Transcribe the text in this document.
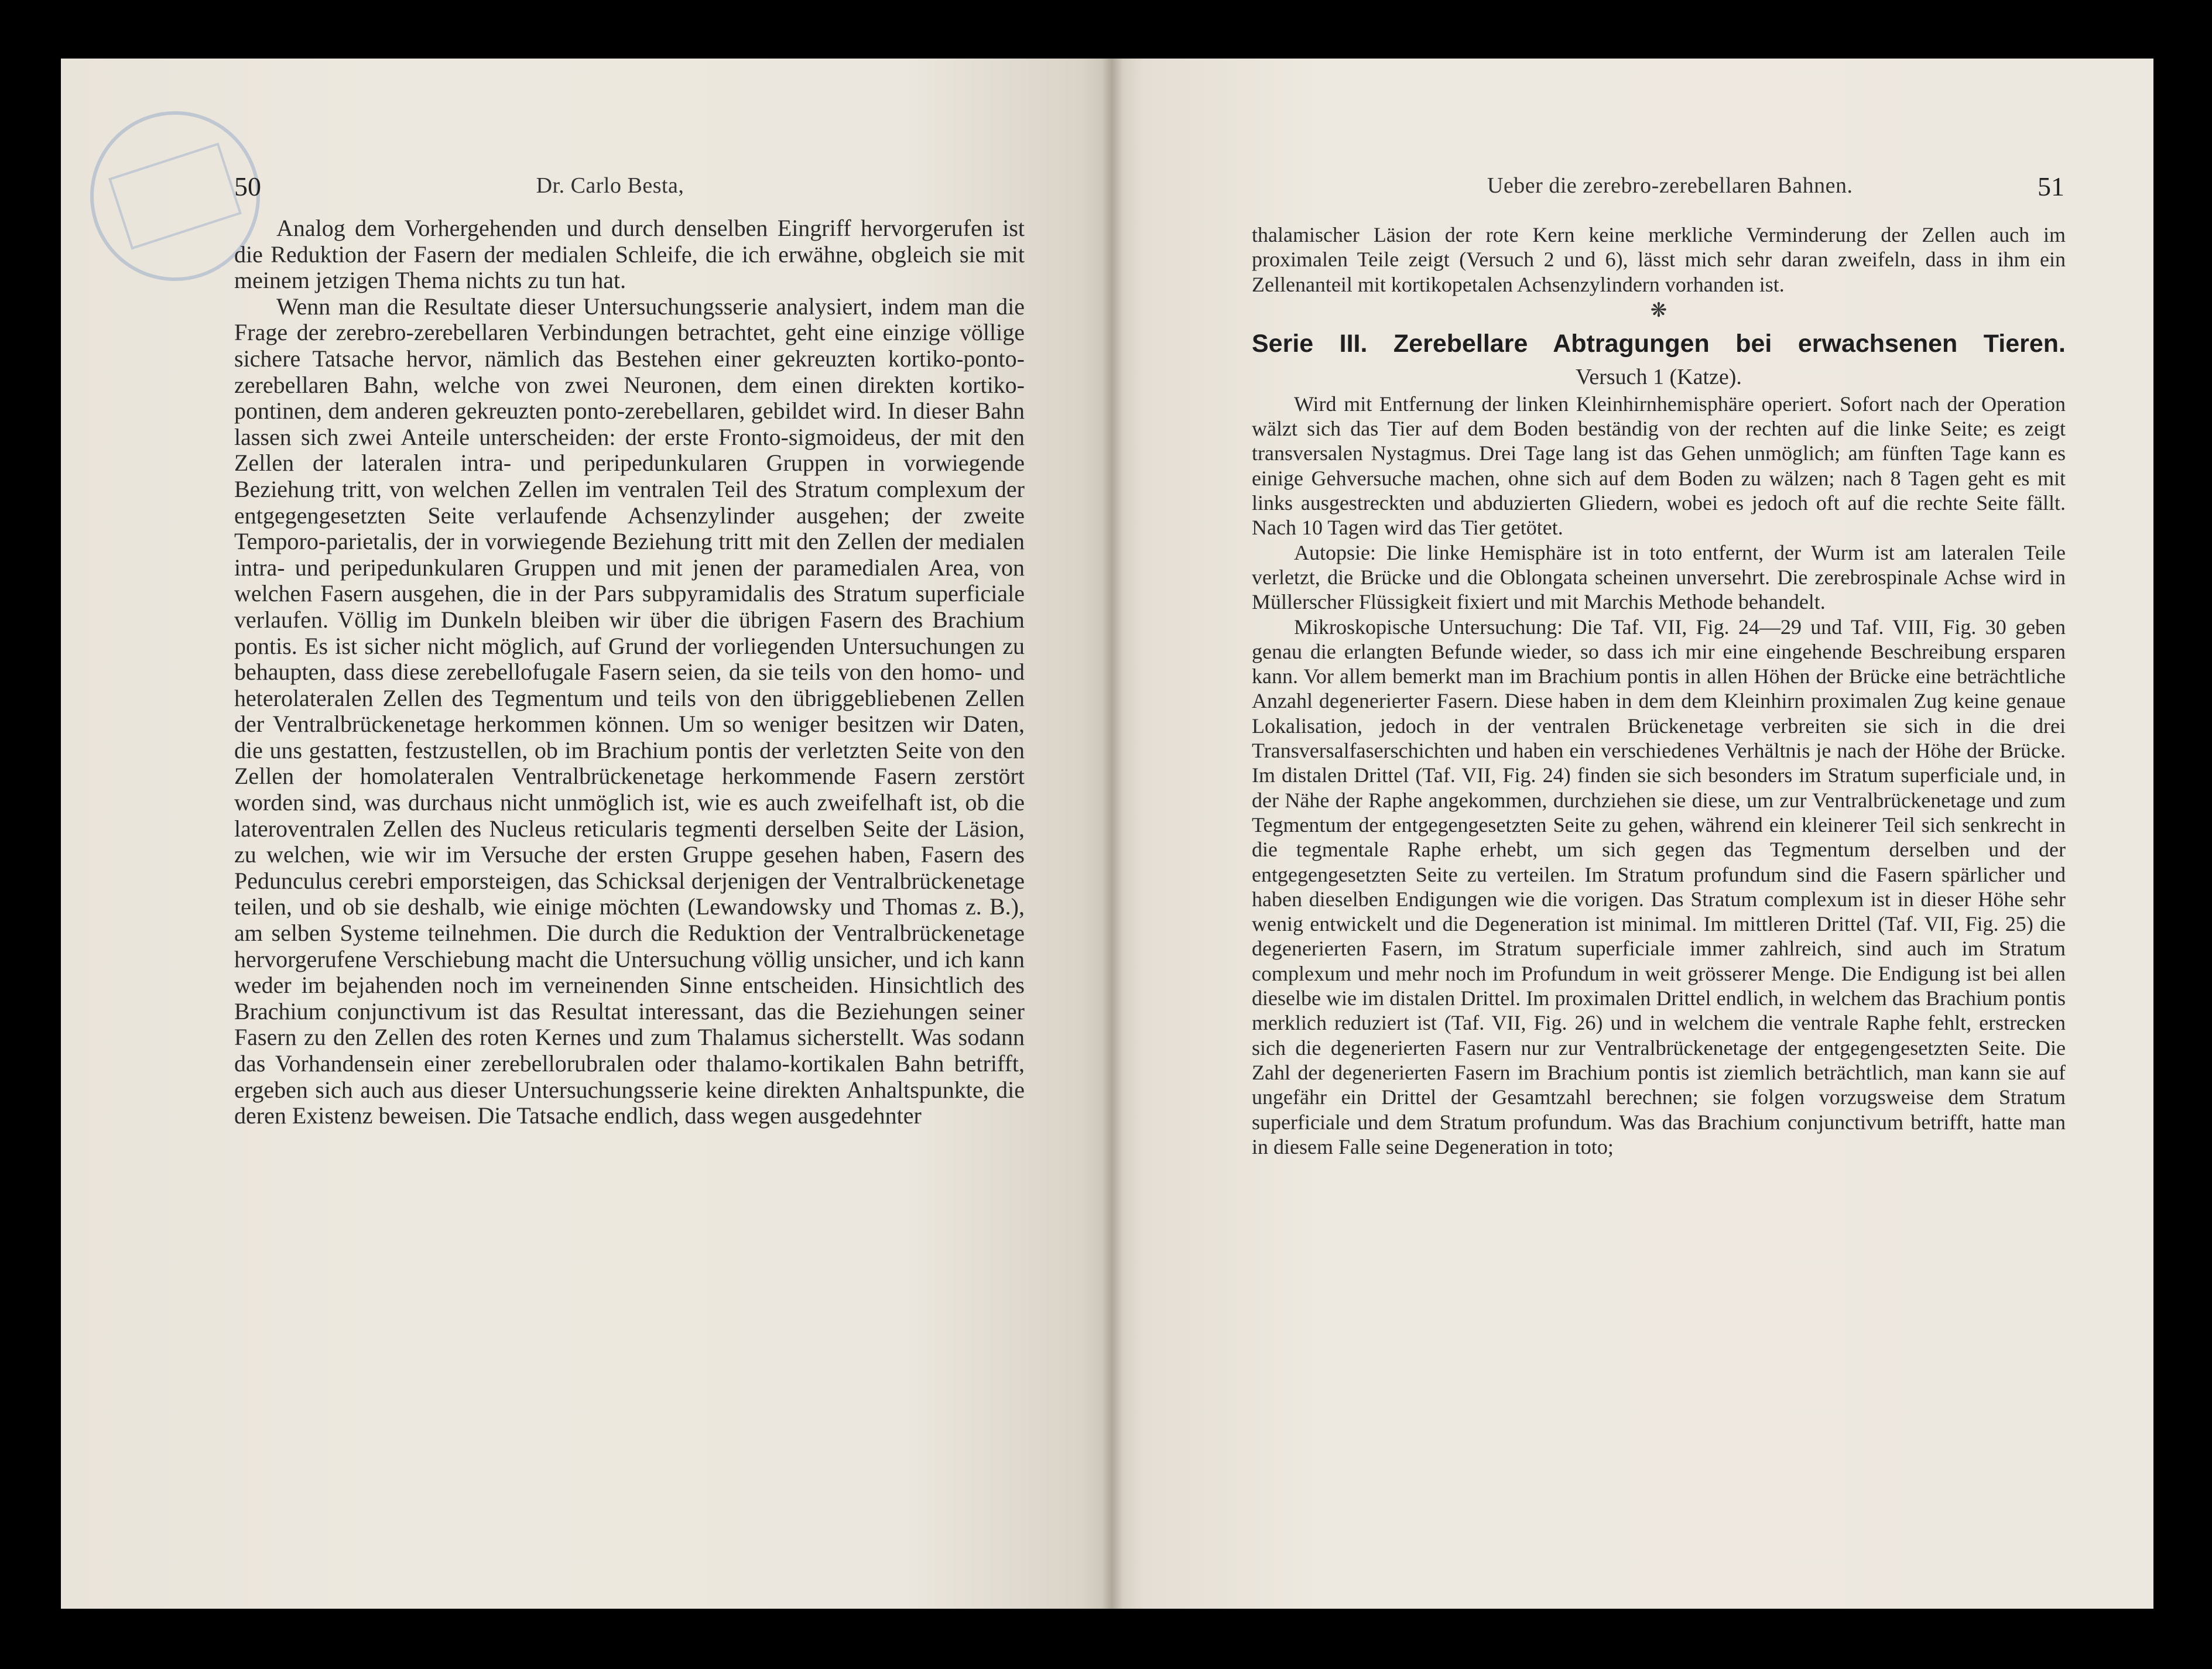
50	Dr. Carlo Besta,

Analog dem Vorhergehenden und durch denselben Eingriff hervorgerufen ist die Reduktion der Fasern der medialen Schleife, die ich erwähne, obgleich sie mit meinem jetzigen Thema nichts zu tun hat.

Wenn man die Resultate dieser Untersuchungsserie analysiert, indem man die Frage der zerebro-zerebellaren Verbindungen betrachtet, geht eine einzige völlige sichere Tatsache hervor, nämlich das Bestehen einer gekreuzten kortiko-ponto-zerebellaren Bahn, welche von zwei Neuronen, dem einen direkten kortiko-pontinen, dem anderen gekreuzten ponto-zerebellaren, gebildet wird. In dieser Bahn lassen sich zwei Anteile unterscheiden: der erste Fronto-sigmoideus, der mit den Zellen der lateralen intra- und peripedunkularen Gruppen in vorwiegende Beziehung tritt, von welchen Zellen im ventralen Teil des Stratum complexum der entgegengesetzten Seite verlaufende Achsenzylinder ausgehen; der zweite Temporo-parietalis, der in vorwiegende Beziehung tritt mit den Zellen der medialen intra- und peripedunkularen Gruppen und mit jenen der paramedialen Area, von welchen Fasern ausgehen, die in der Pars subpyramidalis des Stratum superficiale verlaufen. Völlig im Dunkeln bleiben wir über die übrigen Fasern des Brachium pontis. Es ist sicher nicht möglich, auf Grund der vorliegenden Untersuchungen zu behaupten, dass diese zerebellofugale Fasern seien, da sie teils von den homo- und heterolateralen Zellen des Tegmentum und teils von den übriggebliebenen Zellen der Ventralbrückenetage herkommen können. Um so weniger besitzen wir Daten, die uns gestatten, festzustellen, ob im Brachium pontis der verletzten Seite von den Zellen der homolateralen Ventralbrückenetage herkommende Fasern zerstört worden sind, was durchaus nicht unmöglich ist, wie es auch zweifelhaft ist, ob die lateroventralen Zellen des Nucleus reticularis tegmenti derselben Seite der Läsion, zu welchen, wie wir im Versuche der ersten Gruppe gesehen haben, Fasern des Pedunculus cerebri emporsteigen, das Schicksal derjenigen der Ventralbrückenetage teilen, und ob sie deshalb, wie einige möchten (Lewandowsky und Thomas z. B.), am selben Systeme teilnehmen. Die durch die Reduktion der Ventralbrückenetage hervorgerufene Verschiebung macht die Untersuchung völlig unsicher, und ich kann weder im bejahenden noch im verneinenden Sinne entscheiden. Hinsichtlich des Brachium conjunctivum ist das Resultat interessant, das die Beziehungen seiner Fasern zu den Zellen des roten Kernes und zum Thalamus sicherstellt. Was sodann das Vorhandensein einer zerebellorubralen oder thalamo-kortikalen Bahn betrifft, ergeben sich auch aus dieser Untersuchungsserie keine direkten Anhaltspunkte, die deren Existenz beweisen. Die Tatsache endlich, dass wegen ausgedehnter

Ueber die zerebro-zerebellaren Bahnen.	51

thalamischer Läsion der rote Kern keine merkliche Verminderung der Zellen auch im proximalen Teile zeigt (Versuch 2 und 6), lässt mich sehr daran zweifeln, dass in ihm ein Zellenanteil mit kortikopetalen Achsenzylindern vorhanden ist.

❋
Serie III. Zerebellare Abtragungen bei erwachsenen Tieren.
Versuch 1 (Katze).

Wird mit Entfernung der linken Kleinhirnhemisphäre operiert. Sofort nach der Operation wälzt sich das Tier auf dem Boden beständig von der rechten auf die linke Seite; es zeigt transversalen Nystagmus. Drei Tage lang ist das Gehen unmöglich; am fünften Tage kann es einige Gehversuche machen, ohne sich auf dem Boden zu wälzen; nach 8 Tagen geht es mit links ausgestreckten und abduzierten Gliedern, wobei es jedoch oft auf die rechte Seite fällt. Nach 10 Tagen wird das Tier getötet.

Autopsie: Die linke Hemisphäre ist in toto entfernt, der Wurm ist am lateralen Teile verletzt, die Brücke und die Oblongata scheinen unversehrt. Die zerebrospinale Achse wird in Müllerscher Flüssigkeit fixiert und mit Marchis Methode behandelt.

Mikroskopische Untersuchung: Die Taf. VII, Fig. 24—29 und Taf. VIII, Fig. 30 geben genau die erlangten Befunde wieder, so dass ich mir eine eingehende Beschreibung ersparen kann. Vor allem bemerkt man im Brachium pontis in allen Höhen der Brücke eine beträchtliche Anzahl degenerierter Fasern. Diese haben in dem dem Kleinhirn proximalen Zug keine genaue Lokalisation, jedoch in der ventralen Brückenetage verbreiten sie sich in die drei Transversalfaserschichten und haben ein verschiedenes Verhältnis je nach der Höhe der Brücke. Im distalen Drittel (Taf. VII, Fig. 24) finden sie sich besonders im Stratum superficiale und, in der Nähe der Raphe angekommen, durchziehen sie diese, um zur Ventralbrückenetage und zum Tegmentum der entgegengesetzten Seite zu gehen, während ein kleinerer Teil sich senkrecht in die tegmentale Raphe erhebt, um sich gegen das Tegmentum derselben und der entgegengesetzten Seite zu verteilen. Im Stratum profundum sind die Fasern spärlicher und haben dieselben Endigungen wie die vorigen. Das Stratum complexum ist in dieser Höhe sehr wenig entwickelt und die Degeneration ist minimal. Im mittleren Drittel (Taf. VII, Fig. 25) die degenerierten Fasern, im Stratum superficiale immer zahlreich, sind auch im Stratum complexum und mehr noch im Profundum in weit grösserer Menge. Die Endigung ist bei allen dieselbe wie im distalen Drittel. Im proximalen Drittel endlich, in welchem das Brachium pontis merklich reduziert ist (Taf. VII, Fig. 26) und in welchem die ventrale Raphe fehlt, erstrecken sich die degenerierten Fasern nur zur Ventralbrückenetage der entgegengesetzten Seite. Die Zahl der degenerierten Fasern im Brachium pontis ist ziemlich beträchtlich, man kann sie auf ungefähr ein Drittel der Gesamtzahl berechnen; sie folgen vorzugsweise dem Stratum superficiale und dem Stratum profundum. Was das Brachium conjunctivum betrifft, hatte man in diesem Falle seine Degeneration in toto;
